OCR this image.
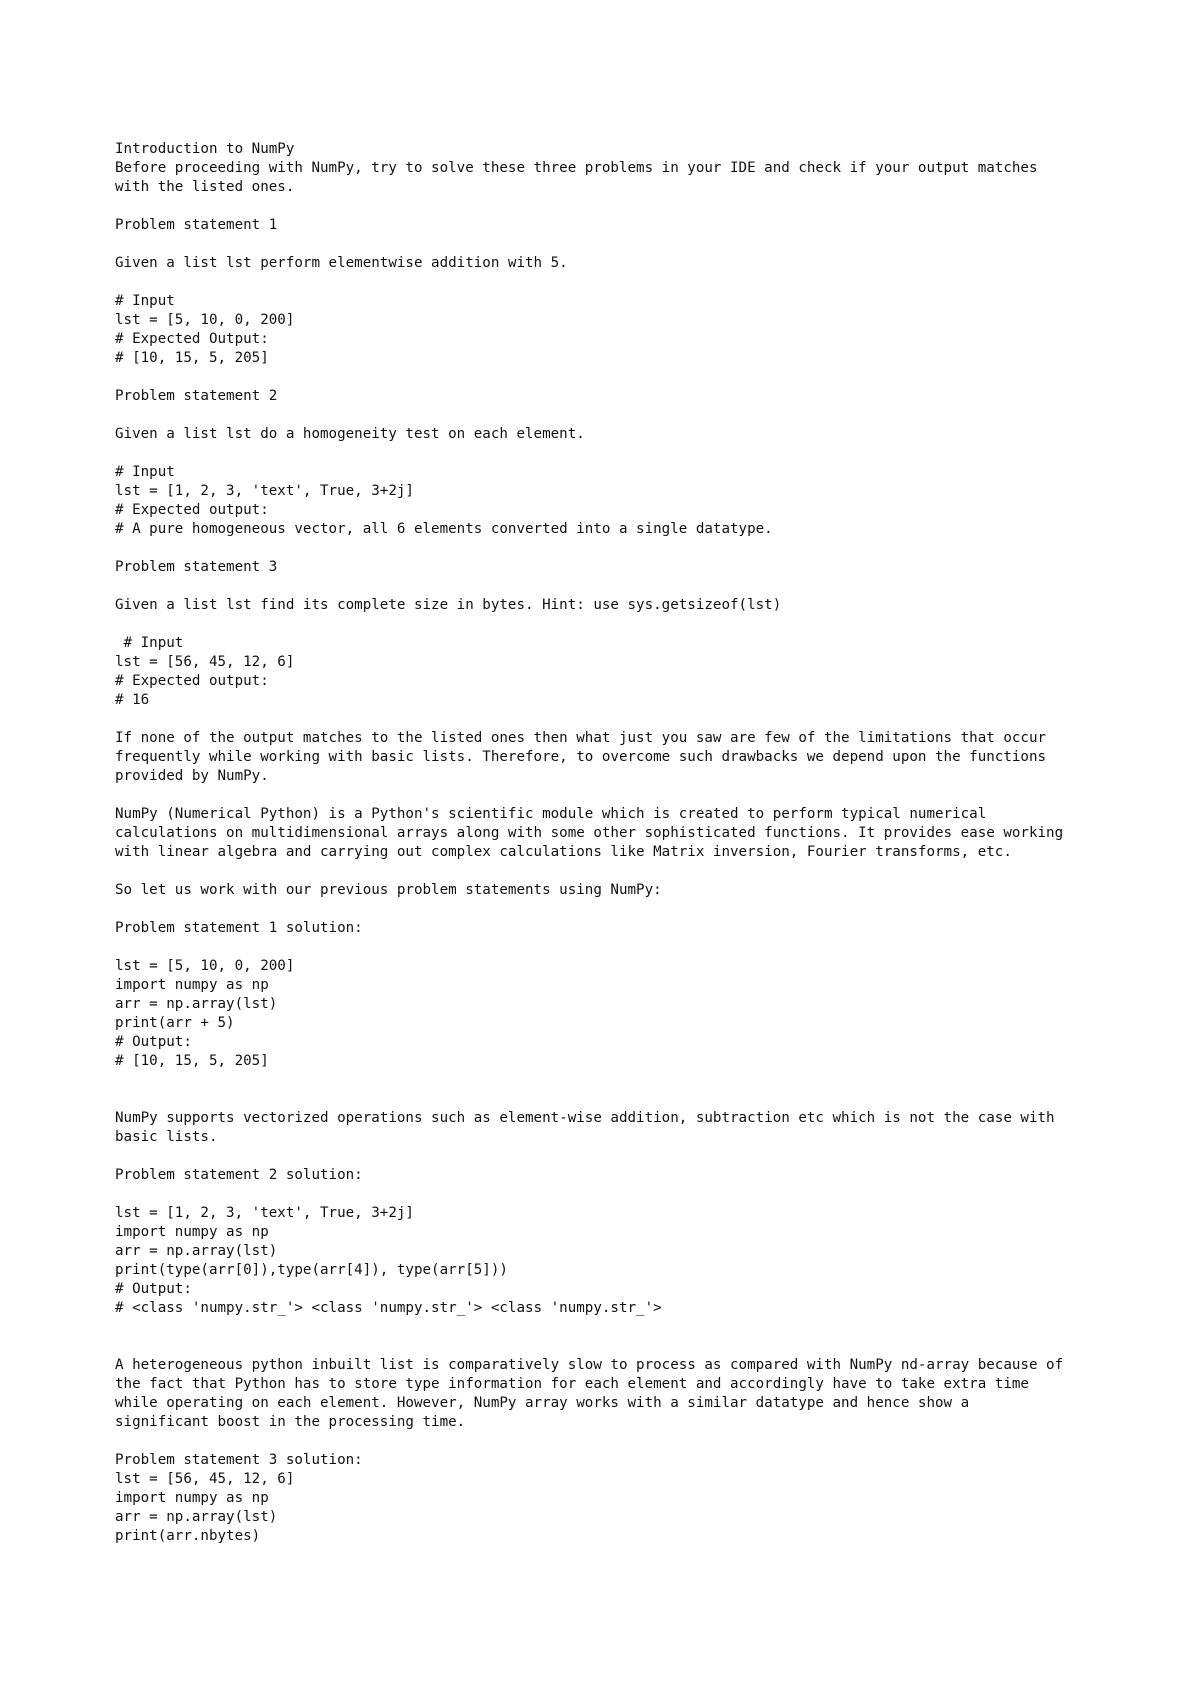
Introduction to NumPy
Before proceeding with NumPy, try to solve these three problems in your IDE and check if your output matches
with the listed ones.
Problem statement 1
Given a list lst perform elementwise addition with 5.
# Input
lst = [5, 10, 0, 200]
# Expected Output:
# [10, 15, 5, 205]
Problem statement 2
Given a list lst do a homogeneity test on each element.
# Input
lst = [1, 2, 3, 'text', True, 3+2j]
# Expected output:
# A pure homogeneous vector, all 6 elements converted into a single datatype.
Problem statement 3
Given a list lst find its complete size in bytes. Hint: use sys.getsizeof(lst)
# Input
lst = [56, 45, 12, 6]
# Expected output:
# 16
If none of the output matches to the listed ones then what just you saw are few of the limitations that occur
frequently while working with basic lists. Therefore, to overcome such drawbacks we depend upon the functions
provided by NumPy.
NumPy (Numerical Python) is a Python's scientific module which is created to perform typical numerical
calculations on multidimensional arrays along with some other sophisticated functions. It provides ease working
with linear algebra and carrying out complex calculations like Matrix inversion, Fourier transforms, etc.
So let us work with our previous problem statements using NumPy:
Problem statement 1 solution:
lst = [5, 10, 0, 200]
import numpy as np
arr = np.array(lst)
print(arr + 5)
# Output:
# [10, 15, 5, 205]
NumPy supports vectorized operations such as element-wise addition, subtraction etc which is not the case with
basic lists.
Problem statement 2 solution:
lst = [1, 2, 3, 'text', True, 3+2j]
import numpy as np
arr = np.array(lst)
print(type(arr[0]),type(arr[4]), type(arr[5]))
# Output:
# <class 'numpy.str_'> <class 'numpy.str_'> <class 'numpy.str_'>
A heterogeneous python inbuilt list is comparatively slow to process as compared with NumPy nd-array because of
the fact that Python has to store type information for each element and accordingly have to take extra time
while operating on each element. However, NumPy array works with a similar datatype and hence show a
significant boost in the processing time.
Problem statement 3 solution:
lst = [56, 45, 12, 6]
import numpy as np
arr = np.array(lst)
print(arr.nbytes)
